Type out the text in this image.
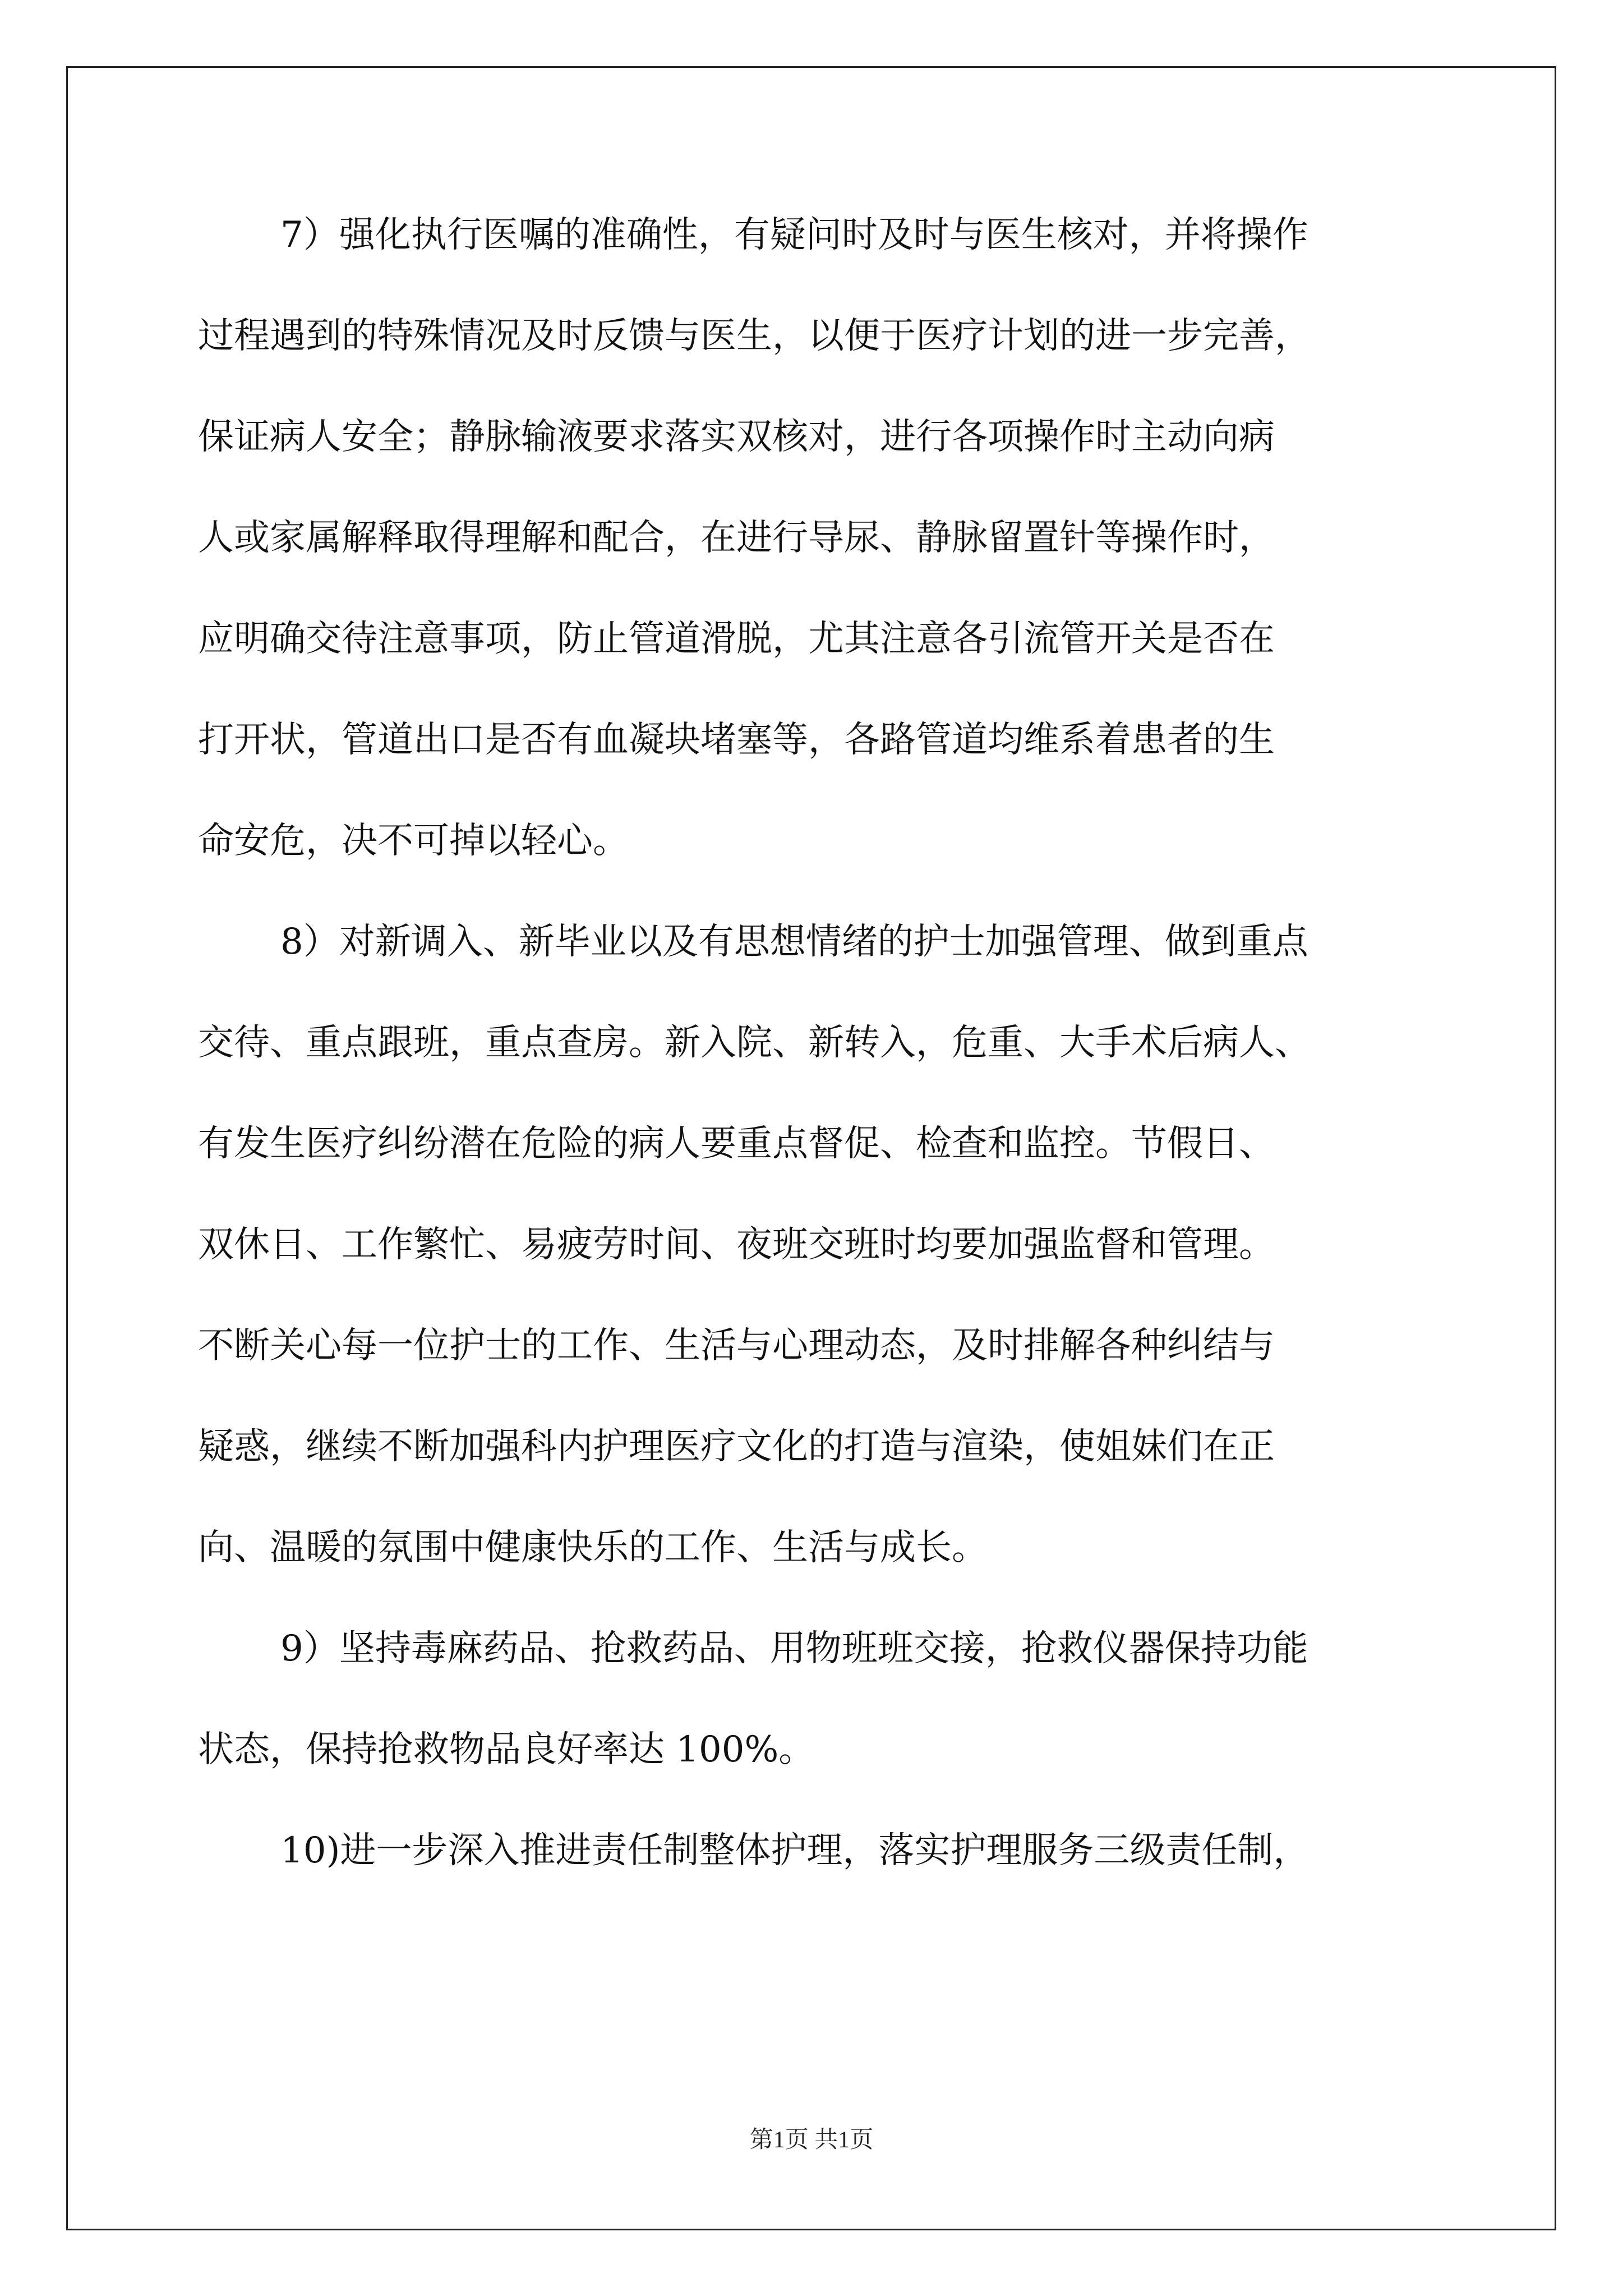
7）强化执行医嘱的准确性，有疑问时及时与医生核对，并将操作
过程遇到的特殊情况及时反馈与医生，以便于医疗计划的进一步完善，
保证病人安全；静脉输液要求落实双核对，进行各项操作时主动向病
人或家属解释取得理解和配合，在进行导尿、静脉留置针等操作时，
应明确交待注意事项，防止管道滑脱，尤其注意各引流管开关是否在
打开状，管道出口是否有血凝块堵塞等，各路管道均维系着患者的生
命安危，决不可掉以轻心。
8）对新调入、新毕业以及有思想情绪的护士加强管理、做到重点
交待、重点跟班，重点查房。新入院、新转入，危重、大手术后病人、
有发生医疗纠纷潜在危险的病人要重点督促、检查和监控。节假日、
双休日、工作繁忙、易疲劳时间、夜班交班时均要加强监督和管理。
不断关心每一位护士的工作、生活与心理动态，及时排解各种纠结与
疑惑，继续不断加强科内护理医疗文化的打造与渲染，使姐妹们在正
向、温暖的氛围中健康快乐的工作、生活与成长。
9）坚持毒麻药品、抢救药品、用物班班交接，抢救仪器保持功能
状态，保持抢救物品良好率达 100%。
10)进一步深入推进责任制整体护理，落实护理服务三级责任制，
第1页 共1页
